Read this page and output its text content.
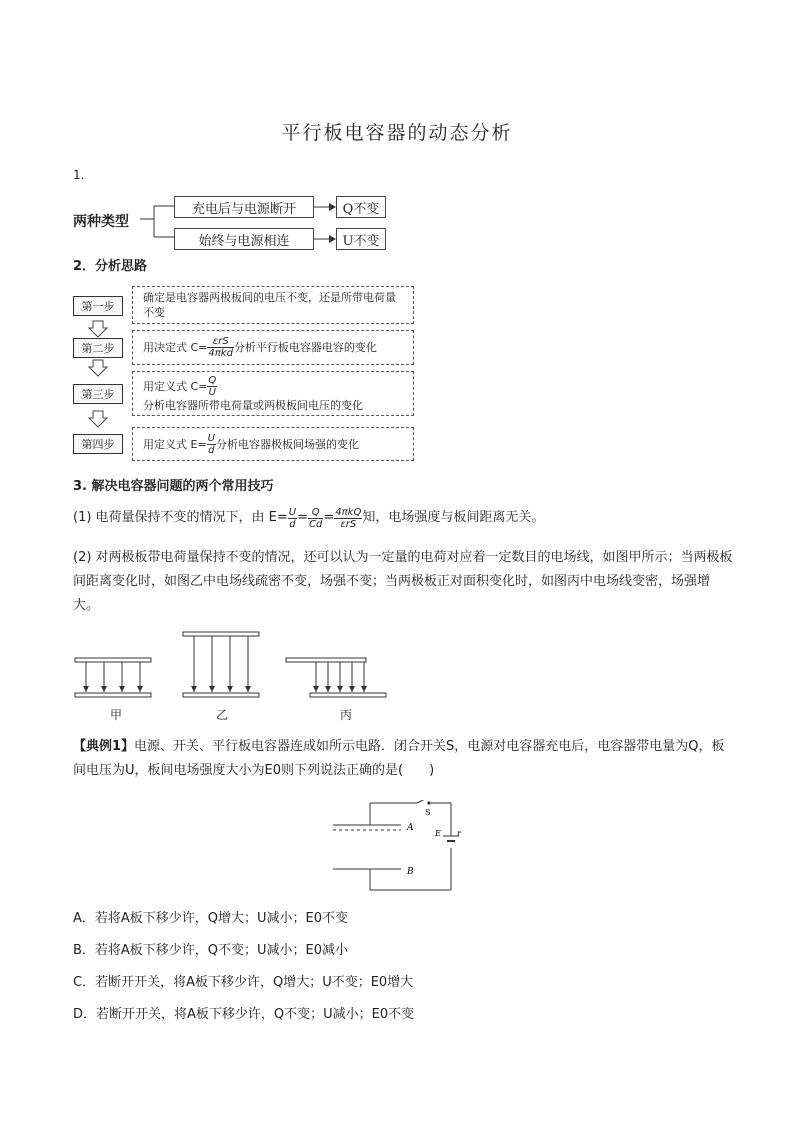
平行板电容器的动态分析
1.
两种类型
充电后与电源断开	Q不变
始终与电源相连	U不变
2．分析思路
第一步
确定是电容器两极板间的电压不变，还是所带电荷量不变
第二步	用决定式 $C= \frac{\text{εrS}}{\text{4πkd}}$ 分析平行板电容器电容的变化
第三步
用定义式 $C= \frac{Q}{U}$
分析电容器所带电荷量或两极板间电压的变化
第四步	用定义式 $E= \frac{U}{d}$ 分析电容器极板间场强的变化
3. 解决电容器问题的两个常用技巧
(1) 电荷量保持不变的情况下，由 $E= \frac{U}{d} = \frac{Q}{Cd} = \frac{\text{4πkQ}}{\text{εrS}}$ 知，电场强度与板间距离无关。
(2) 对两极板带电荷量保持不变的情况，还可以认为一定量的电荷对应着一定数目的电场线，如图甲所示；当两极板间距离变化时，如图乙中电场线疏密不变，场强不变；当两极板正对面积变化时，如图丙中电场线变密，场强增大。
甲	乙	丙
【典例1】电源、开关、平行板电容器连成如所示电路．闭合开关S，电源对电容器充电后，电容器带电量为Q，板间电压为U，板间电场强度大小为E0则下列说法正确的是(　　)
A
B
S
E r
A．若将A板下移少许，Q增大；U减小；E0不变
B．若将A板下移少许，Q不变；U减小；E0减小
C．若断开开关，将A板下移少许，Q增大；U不变；E0增大
D．若断开开关，将A板下移少许，Q不变；U减小；E0不变
